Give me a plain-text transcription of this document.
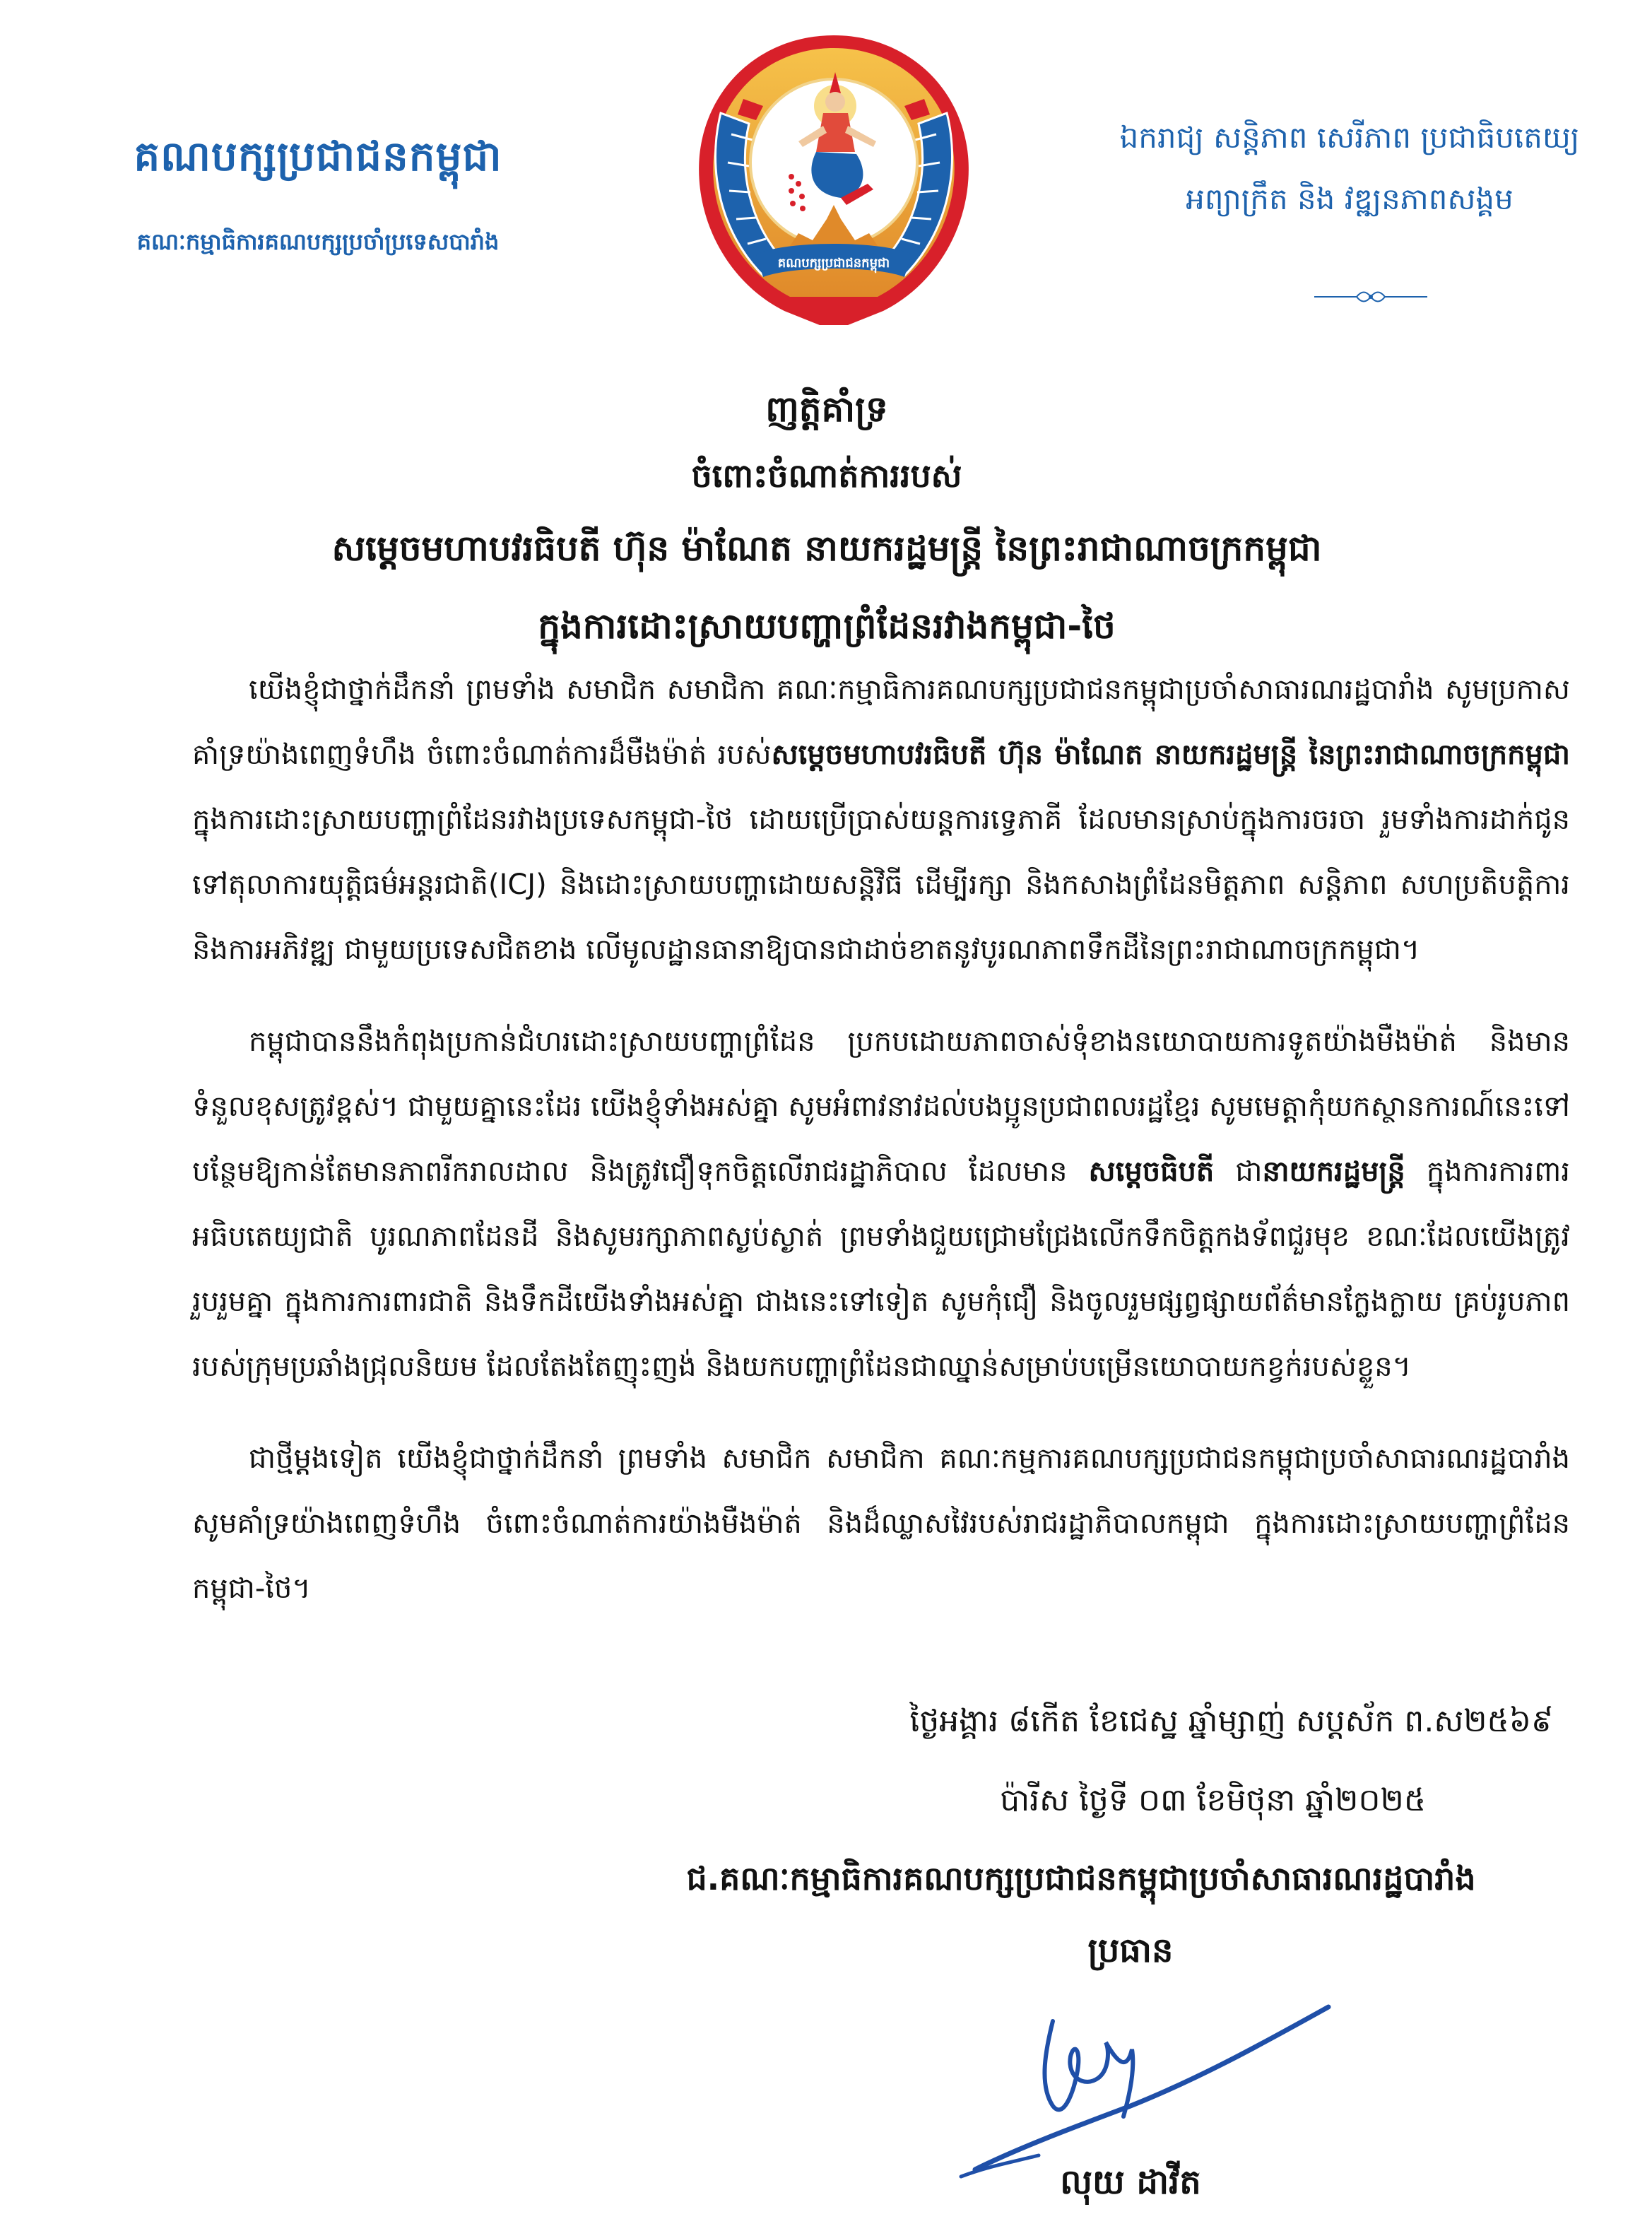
គណបក្សប្រជាជនកម្ពុជា
គណៈកម្មាធិការគណបក្សប្រចាំប្រទេសបារាំង
ឯករាជ្យ សន្តិភាព សេរីភាព ប្រជាធិបតេយ្យ
អព្យាក្រឹត និង វឌ្ឍនភាពសង្គម
គណបក្សប្រជាជនកម្ពុជា
ញត្តិគាំទ្រ
ចំពោះចំណាត់ការរបស់
សម្ដេចមហាបវរធិបតី ហ៊ុន ម៉ាណែត នាយករដ្ឋមន្ត្រី នៃព្រះរាជាណាចក្រកម្ពុជា
ក្នុងការដោះស្រាយបញ្ហាព្រំដែនរវាងកម្ពុជា-ថៃ

យើងខ្ញុំជាថ្នាក់ដឹកនាំ ព្រមទាំង សមាជិក សមាជិកា គណៈកម្មាធិការគណបក្សប្រជាជនកម្ពុជាប្រចាំសាធារណរដ្ឋបារាំង សូមប្រកាសគាំទ្រយ៉ាងពេញទំហឹង ចំពោះចំណាត់ការដ៏មឺងម៉ាត់ របស់សម្ដេចមហាបវរធិបតី ហ៊ុន ម៉ាណែត នាយករដ្ឋមន្ត្រី នៃព្រះរាជាណាចក្រកម្ពុជា ក្នុងការដោះស្រាយបញ្ហាព្រំដែនរវាងប្រទេសកម្ពុជា-ថៃ ដោយប្រើប្រាស់យន្តការទ្វេភាគី ដែលមានស្រាប់ក្នុងការចរចា រួមទាំងការដាក់ជូនទៅតុលាការយុត្តិធម៌អន្តរជាតិ(ICJ) និងដោះស្រាយបញ្ហាដោយសន្តិវិធី ដើម្បីរក្សា និងកសាងព្រំដែនមិត្តភាព សន្តិភាព សហប្រតិបត្តិការ និងការអភិវឌ្ឍ ជាមួយប្រទេសជិតខាង លើមូលដ្ឋានធានាឱ្យបានជាដាច់ខាតនូវបូរណភាពទឹកដីនៃព្រះរាជាណាចក្រកម្ពុជា។

កម្ពុជាបាននឹងកំពុងប្រកាន់ជំហរដោះស្រាយបញ្ហាព្រំដែន ប្រកបដោយភាពចាស់ទុំខាងនយោបាយការទូតយ៉ាងមឺងម៉ាត់ និងមានទំនួលខុសត្រូវខ្ពស់។ ជាមួយគ្នានេះដែរ យើងខ្ញុំទាំងអស់គ្នា សូមអំពាវនាវដល់បងប្អូនប្រជាពលរដ្ឋខ្មែរ សូមមេត្តាកុំយកស្ថានការណ៍នេះទៅបន្ថែមឱ្យកាន់តែមានភាពរីករាលដាល និងត្រូវជឿទុកចិត្តលើរាជរដ្ឋាភិបាល ដែលមាន សម្ដេចធិបតី ជានាយករដ្ឋមន្ត្រី ក្នុងការការពារអធិបតេយ្យជាតិ បូរណភាពដែនដី និងសូមរក្សាភាពស្ងប់ស្ងាត់ ព្រមទាំងជួយជ្រោមជ្រែងលើកទឹកចិត្តកងទ័ពជួរមុខ ខណៈដែលយើងត្រូវរួបរួមគ្នា ក្នុងការការពារជាតិ និងទឹកដីយើងទាំងអស់គ្នា ជាងនេះទៅទៀត សូមកុំជឿ និងចូលរួមផ្សព្វផ្សាយព័ត៌មានក្លែងក្លាយ គ្រប់រូបភាពរបស់ក្រុមប្រឆាំងជ្រុលនិយម ដែលតែងតែញុះញង់ និងយកបញ្ហាព្រំដែនជាឈ្នាន់សម្រាប់បម្រើនយោបាយកខ្វក់របស់ខ្លួន។

ជាថ្មីម្ដងទៀត យើងខ្ញុំជាថ្នាក់ដឹកនាំ ព្រមទាំង សមាជិក សមាជិកា គណៈកម្មការគណបក្សប្រជាជនកម្ពុជាប្រចាំសាធារណរដ្ឋបារាំង សូមគាំទ្រយ៉ាងពេញទំហឹង ចំពោះចំណាត់ការយ៉ាងមឺងម៉ាត់ និងដ៏ឈ្លាសវៃរបស់រាជរដ្ឋាភិបាលកម្ពុជា ក្នុងការដោះស្រាយបញ្ហាព្រំដែនកម្ពុជា-ថៃ។

ថ្ងៃអង្គារ ៨កើត ខែជេស្ឋ ឆ្នាំម្សាញ់ សប្តស័ក ព.ស២៥៦៩
ប៉ារីស ថ្ងៃទី ០៣ ខែមិថុនា ឆ្នាំ២០២៥
ជ.គណៈកម្មាធិការគណបក្សប្រជាជនកម្ពុជាប្រចាំសាធារណរដ្ឋបារាំង
ប្រធាន
លុយ ដាវីត
